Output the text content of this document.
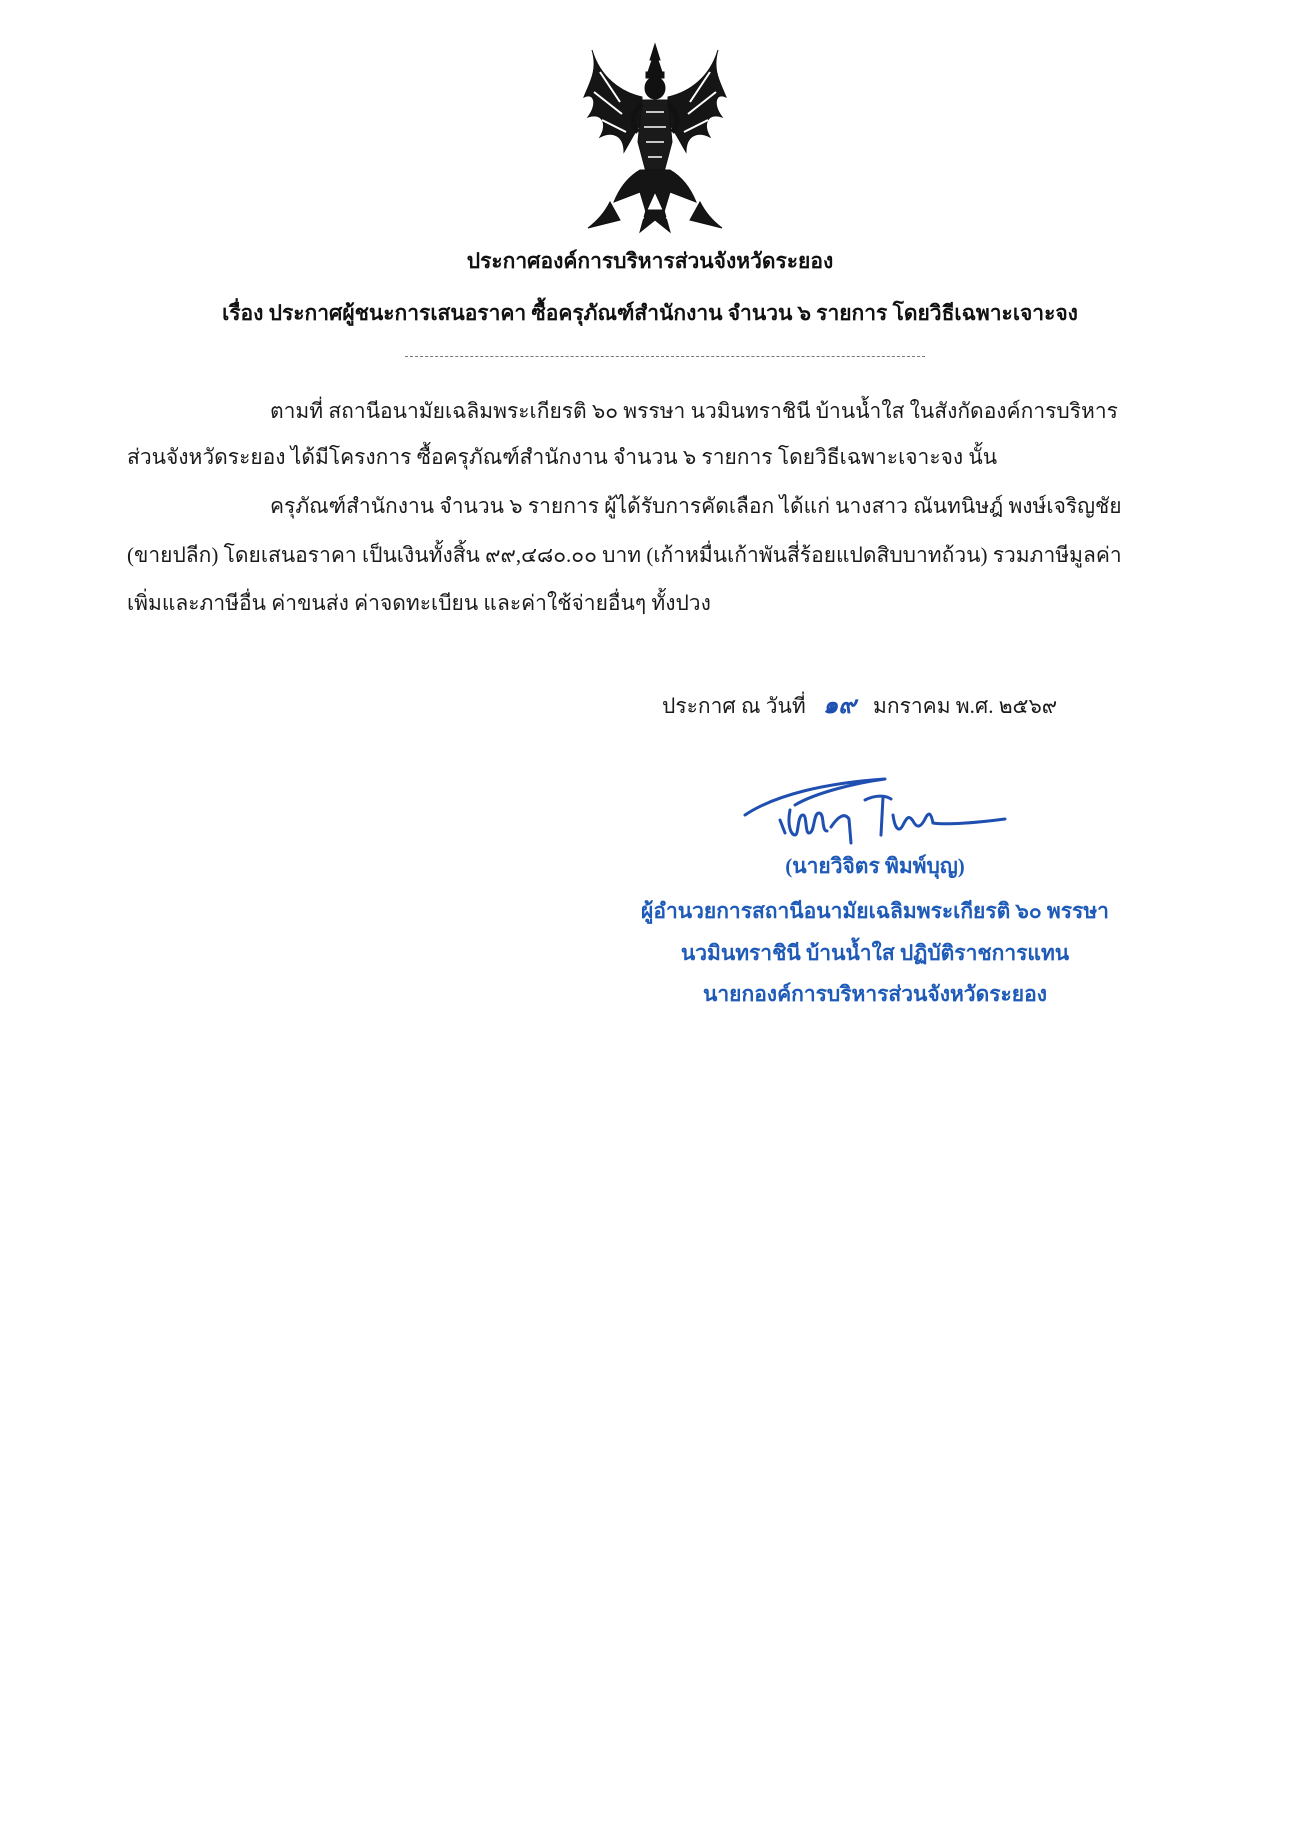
ประกาศองค์การบริหารส่วนจังหวัดระยอง
เรื่อง ประกาศผู้ชนะการเสนอราคา ซื้อครุภัณฑ์สำนักงาน จำนวน ๖ รายการ โดยวิธีเฉพาะเจาะจง
ตามที่ สถานีอนามัยเฉลิมพระเกียรติ ๖๐ พรรษา นวมินทราชินี บ้านน้ำใส ในสังกัดองค์การบริหาร
ส่วนจังหวัดระยอง ได้มีโครงการ ซื้อครุภัณฑ์สำนักงาน จำนวน ๖ รายการ โดยวิธีเฉพาะเจาะจง นั้น
ครุภัณฑ์สำนักงาน จำนวน ๖ รายการ ผู้ได้รับการคัดเลือก ได้แก่ นางสาว ณันทนิษฎ์ พงษ์เจริญชัย
(ขายปลีก) โดยเสนอราคา เป็นเงินทั้งสิ้น ๙๙,๔๘๐.๐๐ บาท (เก้าหมื่นเก้าพันสี่ร้อยแปดสิบบาทถ้วน) รวมภาษีมูลค่า
เพิ่มและภาษีอื่น ค่าขนส่ง ค่าจดทะเบียน และค่าใช้จ่ายอื่นๆ ทั้งปวง
ประกาศ ณ วันที่ ๑๙ มกราคม พ.ศ. ๒๕๖๙
(นายวิจิตร พิมพ์บุญ)
ผู้อำนวยการสถานีอนามัยเฉลิมพระเกียรติ ๖๐ พรรษา
นวมินทราชินี บ้านน้ำใส ปฏิบัติราชการแทน
นายกองค์การบริหารส่วนจังหวัดระยอง
